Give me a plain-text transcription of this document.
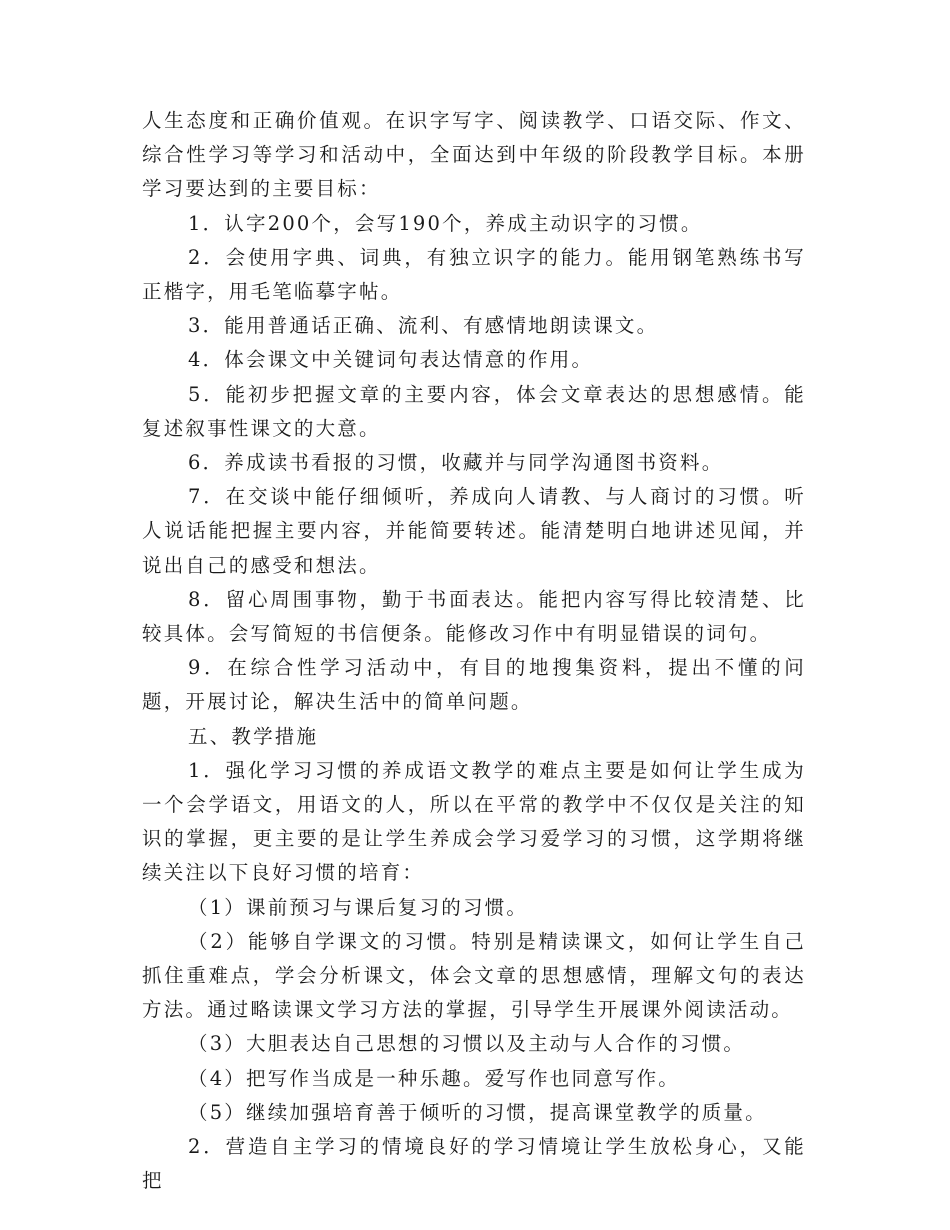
人生态度和正确价值观。在识字写字、阅读教学、口语交际、作文、综合性学习等学习和活动中，全面达到中年级的阶段教学目标。本册学习要达到的主要目标：

1．认字200个，会写190个，养成主动识字的习惯。

2．会使用字典、词典，有独立识字的能力。能用钢笔熟练书写正楷字，用毛笔临摹字帖。

3．能用普通话正确、流利、有感情地朗读课文。

4．体会课文中关键词句表达情意的作用。

5．能初步把握文章的主要内容，体会文章表达的思想感情。能复述叙事性课文的大意。

6．养成读书看报的习惯，收藏并与同学沟通图书资料。

7．在交谈中能仔细倾听，养成向人请教、与人商讨的习惯。听人说话能把握主要内容，并能简要转述。能清楚明白地讲述见闻，并说出自己的感受和想法。

8．留心周围事物，勤于书面表达。能把内容写得比较清楚、比较具体。会写简短的书信便条。能修改习作中有明显错误的词句。

9．在综合性学习活动中，有目的地搜集资料，提出不懂的问题，开展讨论，解决生活中的简单问题。

五、教学措施

1．强化学习习惯的养成语文教学的难点主要是如何让学生成为一个会学语文，用语文的人，所以在平常的教学中不仅仅是关注的知识的掌握，更主要的是让学生养成会学习爱学习的习惯，这学期将继续关注以下良好习惯的培育：

（1）课前预习与课后复习的习惯。

（2）能够自学课文的习惯。特别是精读课文，如何让学生自己抓住重难点，学会分析课文，体会文章的思想感情，理解文句的表达方法。通过略读课文学习方法的掌握，引导学生开展课外阅读活动。

（3）大胆表达自己思想的习惯以及主动与人合作的习惯。

（4）把写作当成是一种乐趣。爱写作也同意写作。

（5）继续加强培育善于倾听的习惯，提高课堂教学的质量。

2．营造自主学习的情境良好的学习情境让学生放松身心，又能把
